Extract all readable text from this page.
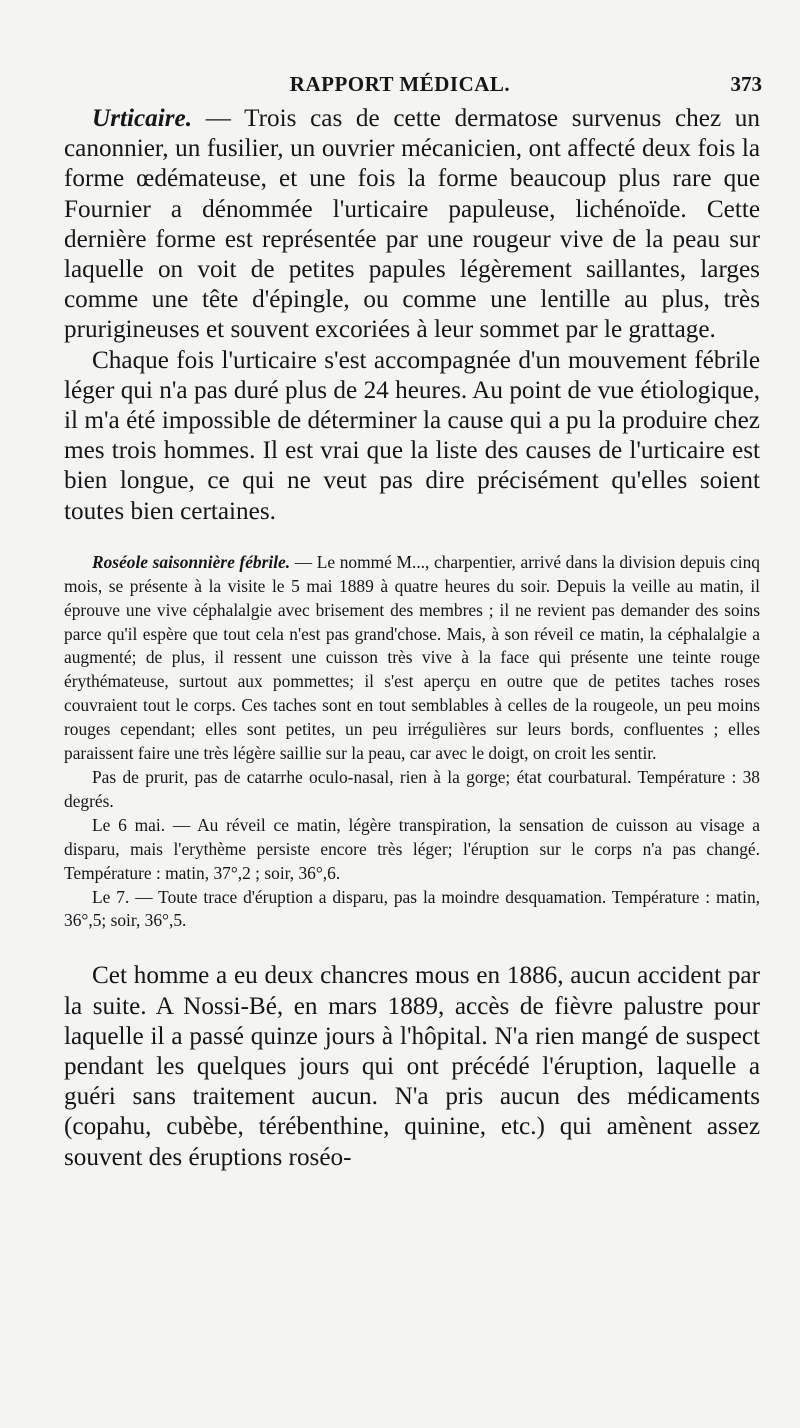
RAPPORT MÉDICAL.	373

Urticaire. — Trois cas de cette dermatose survenus chez un canonnier, un fusilier, un ouvrier mécanicien, ont affecté deux fois la forme œdémateuse, et une fois la forme beaucoup plus rare que Fournier a dénommée l'urticaire papuleuse, lichénoïde. Cette dernière forme est représentée par une rougeur vive de la peau sur laquelle on voit de petites papules légèrement saillantes, larges comme une tête d'épingle, ou comme une lentille au plus, très prurigineuses et souvent excoriées à leur sommet par le grattage.

Chaque fois l'urticaire s'est accompagnée d'un mouvement fébrile léger qui n'a pas duré plus de 24 heures. Au point de vue étiologique, il m'a été impossible de déterminer la cause qui a pu la produire chez mes trois hommes. Il est vrai que la liste des causes de l'urticaire est bien longue, ce qui ne veut pas dire précisément qu'elles soient toutes bien certaines.

Roséole saisonnière fébrile. — Le nommé M..., charpentier, arrivé dans la division depuis cinq mois, se présente à la visite le 5 mai 1889 à quatre heures du soir. Depuis la veille au matin, il éprouve une vive céphalalgie avec brisement des membres ; il ne revient pas demander des soins parce qu'il espère que tout cela n'est pas grand'chose. Mais, à son réveil ce matin, la céphalalgie a augmenté; de plus, il ressent une cuisson très vive à la face qui présente une teinte rouge érythémateuse, surtout aux pommettes; il s'est aperçu en outre que de petites taches roses couvraient tout le corps. Ces taches sont en tout semblables à celles de la rougeole, un peu moins rouges cependant; elles sont petites, un peu irrégulières sur leurs bords, confluentes ; elles paraissent faire une très légère saillie sur la peau, car avec le doigt, on croit les sentir.

Pas de prurit, pas de catarrhe oculo-nasal, rien à la gorge; état courbatural. Température : 38 degrés.

Le 6 mai. — Au réveil ce matin, légère transpiration, la sensation de cuisson au visage a disparu, mais l'erythème persiste encore très léger; l'éruption sur le corps n'a pas changé. Température : matin, 37°,2 ; soir, 36°,6.

Le 7. — Toute trace d'éruption a disparu, pas la moindre desquamation. Température : matin, 36°,5; soir, 36°,5.

Cet homme a eu deux chancres mous en 1886, aucun accident par la suite. A Nossi-Bé, en mars 1889, accès de fièvre palustre pour laquelle il a passé quinze jours à l'hôpital. N'a rien mangé de suspect pendant les quelques jours qui ont précédé l'éruption, laquelle a guéri sans traitement aucun. N'a pris aucun des médicaments (copahu, cubèbe, térébenthine, quinine, etc.) qui amènent assez souvent des éruptions roséo-
